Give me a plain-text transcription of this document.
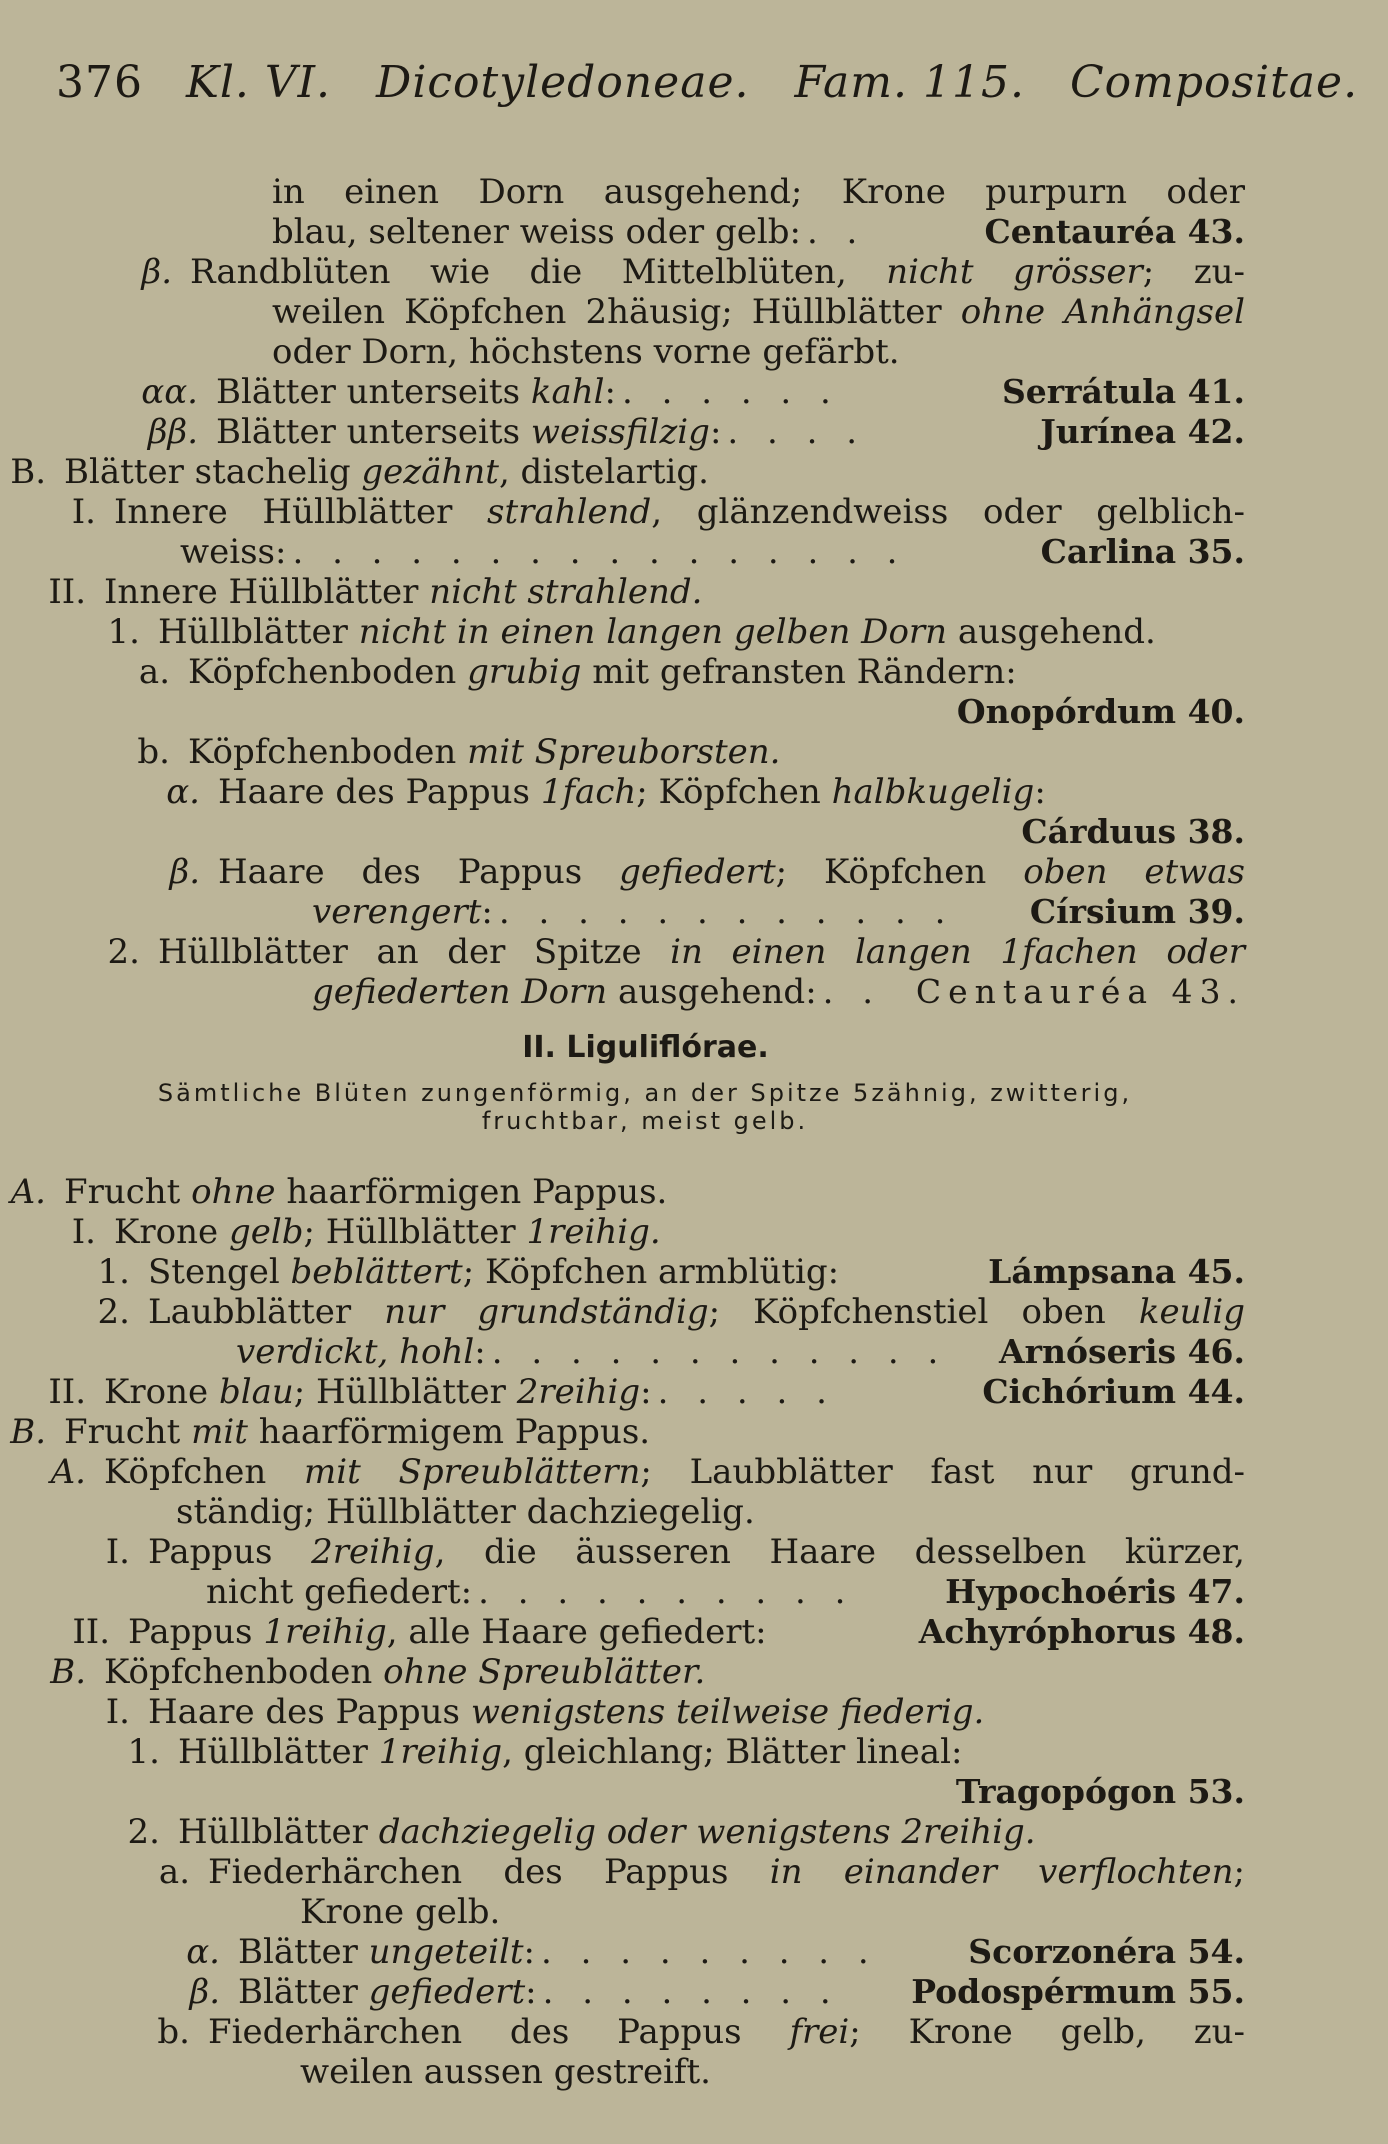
376 Kl. VI. Dicotyledoneae. Fam. 115. Compositae.
in einen Dorn ausgehend; Krone purpurn oder
blau, seltener weiss oder gelb: . .	Centauréa 43.
β. Randblüten wie die Mittelblüten, nicht grösser; zu-
weilen Köpfchen 2häusig; Hüllblätter ohne Anhängsel
oder Dorn, höchstens vorne gefärbt.
αα. Blätter unterseits kahl: . . . . . .	Serrátula 41.
ββ. Blätter unterseits weissfilzig: . . . .	Jurínea 42.
B. Blätter stachelig gezähnt, distelartig.
I. Innere Hüllblätter strahlend, glänzendweiss oder gelblich-
weiss: . . . . . . . . . . . . . . . .	Carlina 35.
II. Innere Hüllblätter nicht strahlend.
1. Hüllblätter nicht in einen langen gelben Dorn ausgehend.
a. Köpfchenboden grubig mit gefransten Rändern:
Onopórdum 40.
b. Köpfchenboden mit Spreuborsten.
α. Haare des Pappus 1fach; Köpfchen halbkugelig:
Cárduus 38.
β. Haare des Pappus gefiedert; Köpfchen oben etwas
verengert: . . . . . . . . . . . .	Círsium 39.
2. Hüllblätter an der Spitze in einen langen 1fachen oder
gefiederten Dorn ausgehend: . .	Centauréa 43.
A. Frucht ohne haarförmigen Pappus.
I. Krone gelb; Hüllblätter 1reihig.
1. Stengel beblättert; Köpfchen armblütig:	Lámpsana 45.
2. Laubblätter nur grundständig; Köpfchenstiel oben keulig
verdickt, hohl: . . . . . . . . . . . .	Arnóseris 46.
II. Krone blau; Hüllblätter 2reihig: . . . . .	Cichórium 44.
B. Frucht mit haarförmigem Pappus.
A. Köpfchen mit Spreublättern; Laubblätter fast nur grund-
ständig; Hüllblätter dachziegelig.
I. Pappus 2reihig, die äusseren Haare desselben kürzer,
nicht gefiedert: . . . . . . . . . .	Hypochoéris 47.
II. Pappus 1reihig, alle Haare gefiedert:	Achyróphorus 48.
B. Köpfchenboden ohne Spreublätter.
I. Haare des Pappus wenigstens teilweise fiederig.
1. Hüllblätter 1reihig, gleichlang; Blätter lineal:
Tragopógon 53.
2. Hüllblätter dachziegelig oder wenigstens 2reihig.
a. Fiederhärchen des Pappus in einander verflochten;
Krone gelb.
α. Blätter ungeteilt: . . . . . . . . .	Scorzonéra 54.
β. Blätter gefiedert: . . . . . . . .	Podospérmum 55.
b. Fiederhärchen des Pappus frei; Krone gelb, zu-
weilen aussen gestreift.
II. Liguliflórae.
Sämtliche Blüten zungenförmig, an der Spitze 5zähnig, zwitterig,
fruchtbar, meist gelb.
